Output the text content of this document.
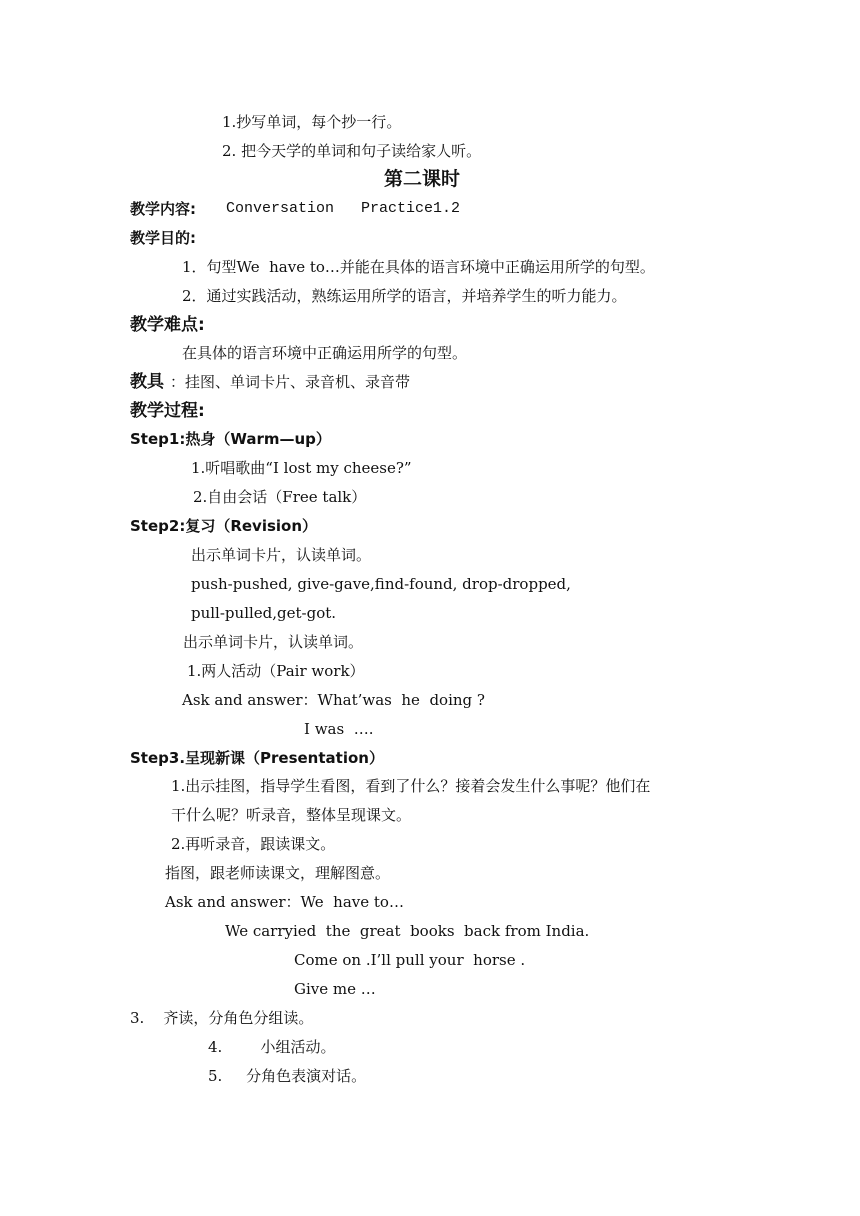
1.抄写单词，每个抄一行。
2. 把今天学的单词和句子读给家人听。
第二课时
教学内容: Conversation   Practice1.2
教学目的:
1．句型We  have to…并能在具体的语言环境中正确运用所学的句型。
2．通过实践活动，熟练运用所学的语言，并培养学生的听力能力。
教学难点:
在具体的语言环境中正确运用所学的句型。
教具 ：挂图、单词卡片、录音机、录音带
教学过程:
Step1:热身（Warm—up）
1.听唱歌曲“I lost my cheese?”
2.自由会话（Free talk）
Step2:复习（Revision）
出示单词卡片，认读单词。
push-pushed, give-gave,find-found, drop-dropped,
pull-pulled,get-got.
出示单词卡片，认读单词。
1.两人活动（Pair work）
Ask and answer：What’was  he  doing ?
I was  ….
Step3.呈现新课（Presentation）
1.出示挂图，指导学生看图，看到了什么？接着会发生什么事呢？他们在
干什么呢？听录音，整体呈现课文。
2.再听录音，跟读课文。
指图，跟老师读课文，理解图意。
Ask and answer：We  have to…
We carryied  the  great  books  back from India.
Come on .I’ll pull your  horse .
Give me …
3.    齐读，分角色分组读。
4.        小组活动。
5.     分角色表演对话。
